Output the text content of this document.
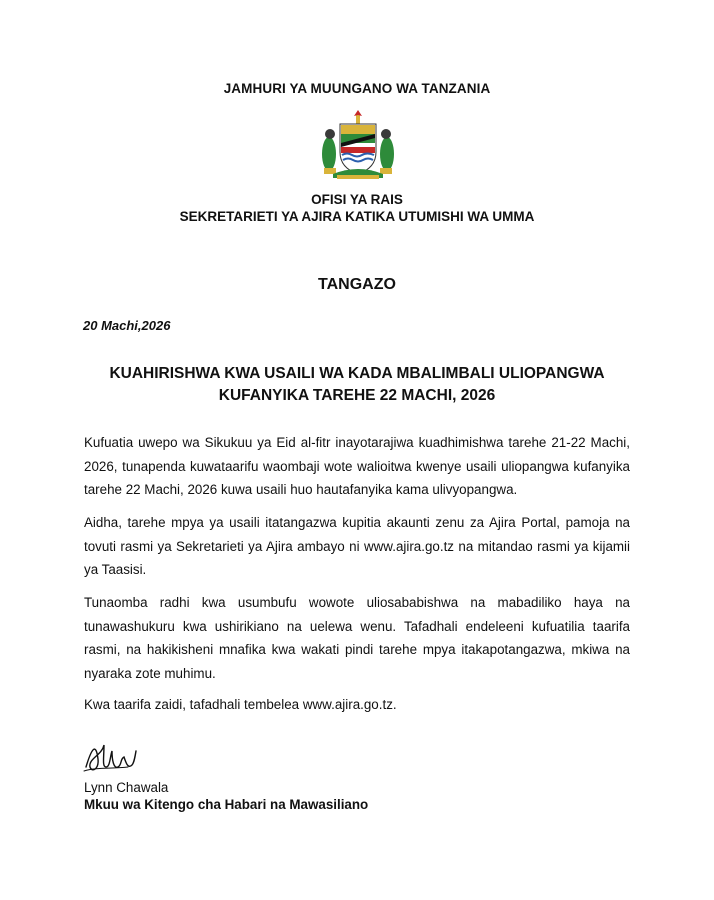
JAMHURI YA MUUNGANO WA TANZANIA
OFISI YA RAIS
SEKRETARIETI YA AJIRA KATIKA UTUMISHI WA UMMA
TANGAZO
20 Machi,2026
KUAHIRISHWA KWA USAILI WA KADA MBALIMBALI ULIOPANGWA
KUFANYIKA TAREHE 22 MACHI, 2026
Kufuatia uwepo wa Sikukuu ya Eid al-fitr inayotarajiwa kuadhimishwa tarehe 21-22 Machi, 2026, tunapenda kuwataarifu waombaji wote walioitwa kwenye usaili uliopangwa kufanyika tarehe 22 Machi, 2026 kuwa usaili huo hautafanyika kama ulivyopangwa.
Aidha, tarehe mpya ya usaili itatangazwa kupitia akaunti zenu za Ajira Portal, pamoja na tovuti rasmi ya Sekretarieti ya Ajira ambayo ni www.ajira.go.tz na mitandao rasmi ya kijamii ya Taasisi.
Tunaomba radhi kwa usumbufu wowote uliosababishwa na mabadiliko haya na tunawashukuru kwa ushirikiano na uelewa wenu. Tafadhali endeleeni kufuatilia taarifa rasmi, na hakikisheni mnafika kwa wakati pindi tarehe mpya itakapotangazwa, mkiwa na nyaraka zote muhimu.
Kwa taarifa zaidi, tafadhali tembelea www.ajira.go.tz.
Lynn Chawala
Mkuu wa Kitengo cha Habari na Mawasiliano
